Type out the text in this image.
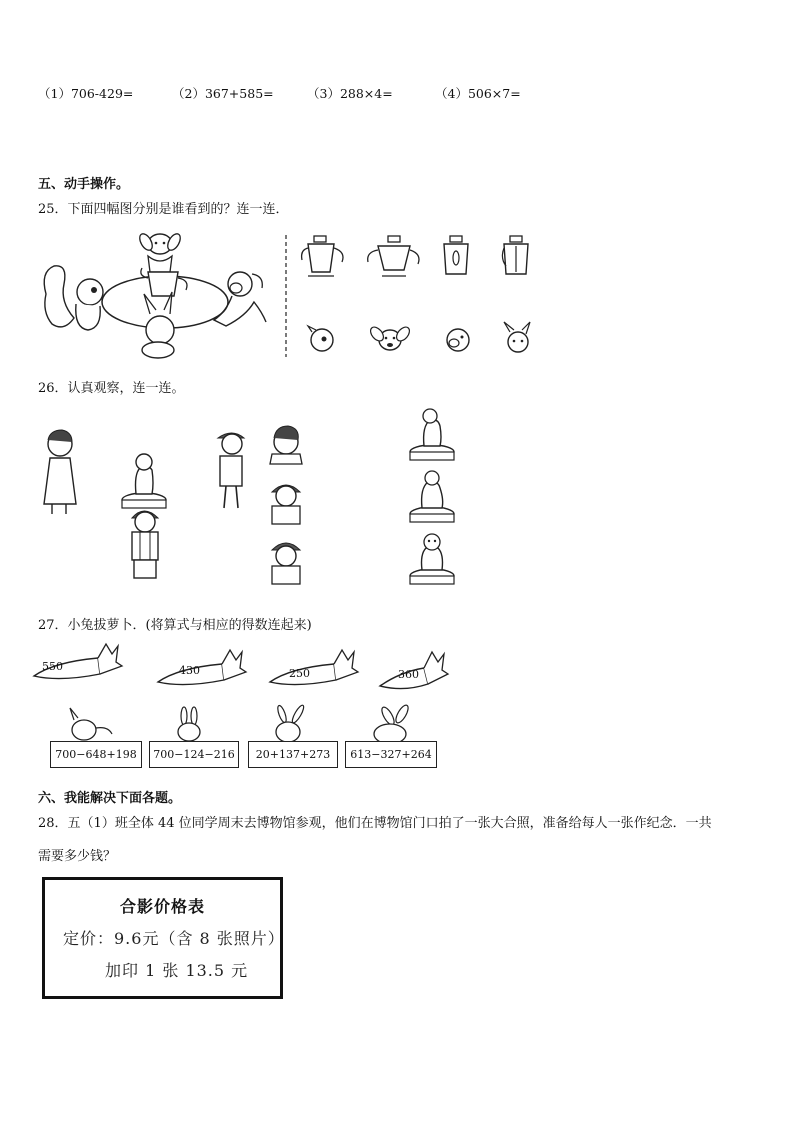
（1）706-429=	（2）367+585=	（3）288×4=	（4）506×7=
五、动手操作。
25．下面四幅图分别是谁看到的？连一连．
26．认真观察，连一连。
27．小兔拔萝卜．(将算式与相应的得数连起来)
550	430	250	360
700−648+198	700−124−216	20+137+273	613−327+264
六、我能解决下面各题。
28．五（1）班全体 44 位同学周末去博物馆参观，他们在博物馆门口拍了一张大合照，准备给每人一张作纪念．一共
需要多少钱？
合影价格表
定价：9.6元（含 8 张照片）
加印 1 张 13.5 元
